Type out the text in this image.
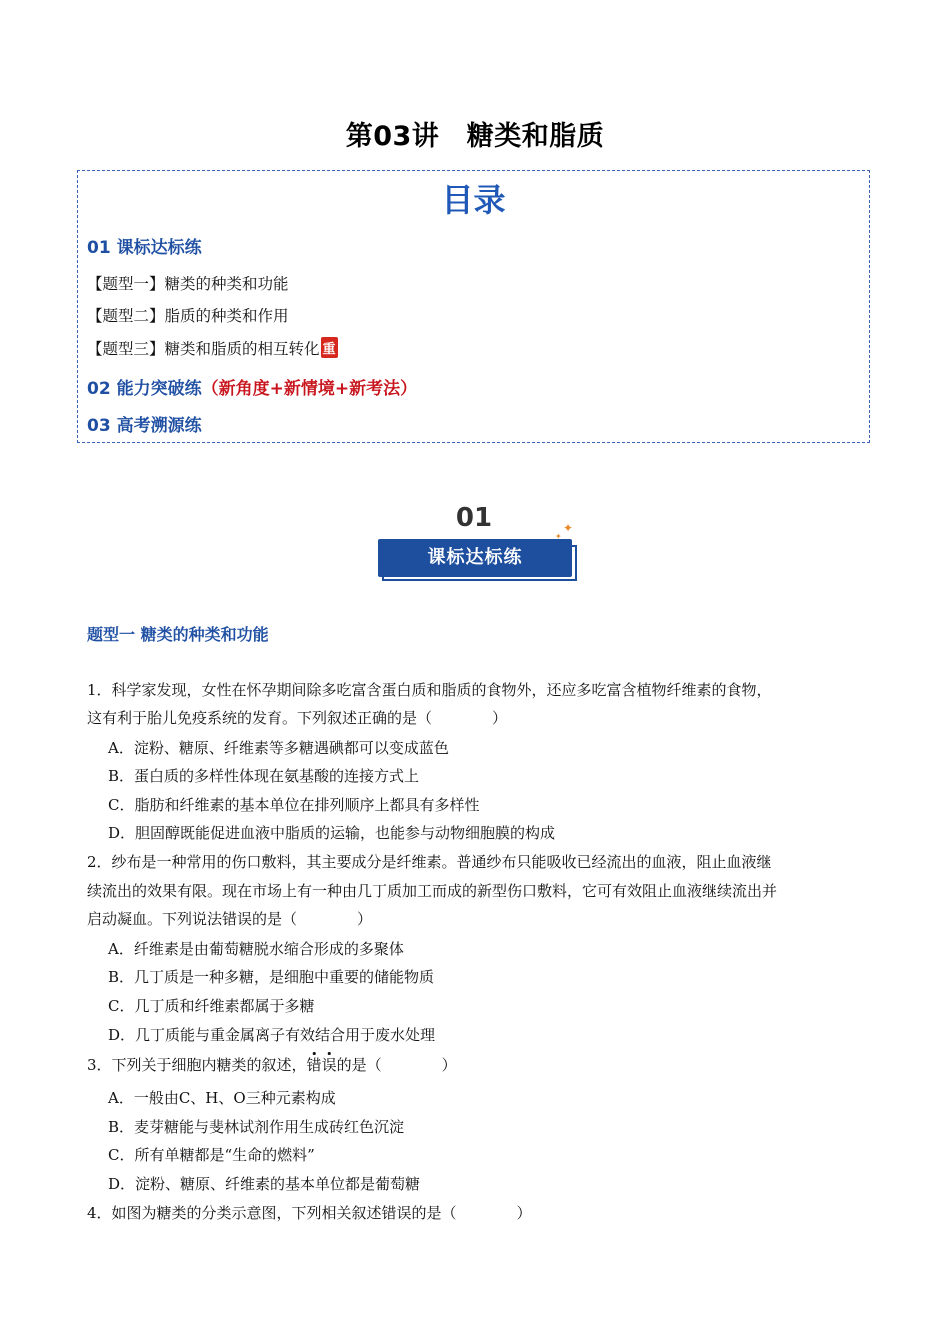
第03讲　糖类和脂质
目录
01 课标达标练
【题型一】糖类的种类和功能
【题型二】脂质的种类和作用
【题型三】糖类和脂质的相互转化 重
02 能力突破练（新角度+新情境+新考法）
03 高考溯源练
01
课标达标练
✦
✦
题型一 糖类的种类和功能
1．科学家发现，女性在怀孕期间除多吃富含蛋白质和脂质的食物外，还应多吃富含植物纤维素的食物，
这有利于胎儿免疫系统的发育。下列叙述正确的是（　　　　）
A．淀粉、糖原、纤维素等多糖遇碘都可以变成蓝色
B．蛋白质的多样性体现在氨基酸的连接方式上
C．脂肪和纤维素的基本单位在排列顺序上都具有多样性
D．胆固醇既能促进血液中脂质的运输，也能参与动物细胞膜的构成
2．纱布是一种常用的伤口敷料，其主要成分是纤维素。普通纱布只能吸收已经流出的血液，阻止血液继
续流出的效果有限。现在市场上有一种由几丁质加工而成的新型伤口敷料，它可有效阻止血液继续流出并
启动凝血。下列说法错误的是（　　　　）
A．纤维素是由葡萄糖脱水缩合形成的多聚体
B．几丁质是一种多糖，是细胞中重要的储能物质
C．几丁质和纤维素都属于多糖
D．几丁质能与重金属离子有效结合用于废水处理
3．下列关于细胞内糖类的叙述，错误的是（　　　　）
A．一般由C、H、O三种元素构成
B．麦芽糖能与斐林试剂作用生成砖红色沉淀
C．所有单糖都是“生命的燃料”
D．淀粉、糖原、纤维素的基本单位都是葡萄糖
4．如图为糖类的分类示意图，下列相关叙述错误的是（　　　　）
